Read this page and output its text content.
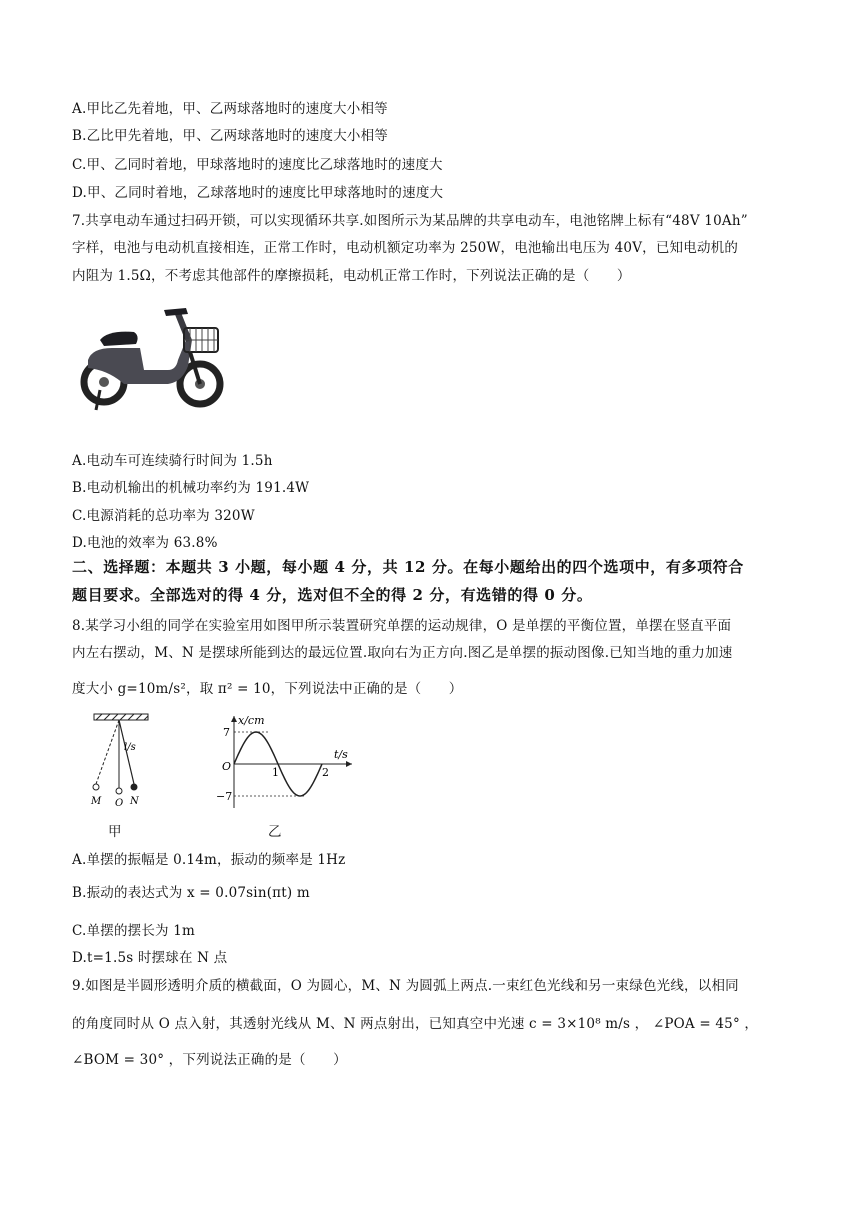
A.甲比乙先着地，甲、乙两球落地时的速度大小相等
B.乙比甲先着地，甲、乙两球落地时的速度大小相等
C.甲、乙同时着地，甲球落地时的速度比乙球落地时的速度大
D.甲、乙同时着地，乙球落地时的速度比甲球落地时的速度大
7.共享电动车通过扫码开锁，可以实现循环共享.如图所示为某品牌的共享电动车，电池铭牌上标有“48V 10Ah”
字样，电池与电动机直接相连，正常工作时，电动机额定功率为 250W，电池输出电压为 40V，已知电动机的
内阻为 1.5Ω，不考虑其他部件的摩擦损耗，电动机正常工作时，下列说法正确的是（　　）
A.电动车可连续骑行时间为 1.5h
B.电动机输出的机械功率约为 191.4W
C.电源消耗的总功率为 320W
D.电池的效率为 63.8%
二、选择题：本题共 3 小题，每小题 4 分，共 12 分。在每小题给出的四个选项中，有多项符合
题目要求。全部选对的得 4 分，选对但不全的得 2 分，有选错的得 0 分。
8.某学习小组的同学在实验室用如图甲所示装置研究单摆的运动规律，O 是单摆的平衡位置，单摆在竖直平面
内左右摆动，M、N 是摆球所能到达的最远位置.取向右为正方向.图乙是单摆的振动图像.已知当地的重力加速
度大小 g=10m/s²，取 π² = 10，下列说法中正确的是（　　）
l/s
M O N
甲
x/cm
t/s
O
7
−7
1	2
乙
A.单摆的振幅是 0.14m，振动的频率是 1Hz
B.振动的表达式为 x = 0.07sin(πt) m
C.单摆的摆长为 1m
D.t=1.5s 时摆球在 N 点
9.如图是半圆形透明介质的横截面，O 为圆心，M、N 为圆弧上两点.一束红色光线和另一束绿色光线，以相同
的角度同时从 O 点入射，其透射光线从 M、N 两点射出，已知真空中光速 c = 3×10⁸ m/s ， ∠POA = 45° ，
∠BOM = 30° ，下列说法正确的是（　　）
